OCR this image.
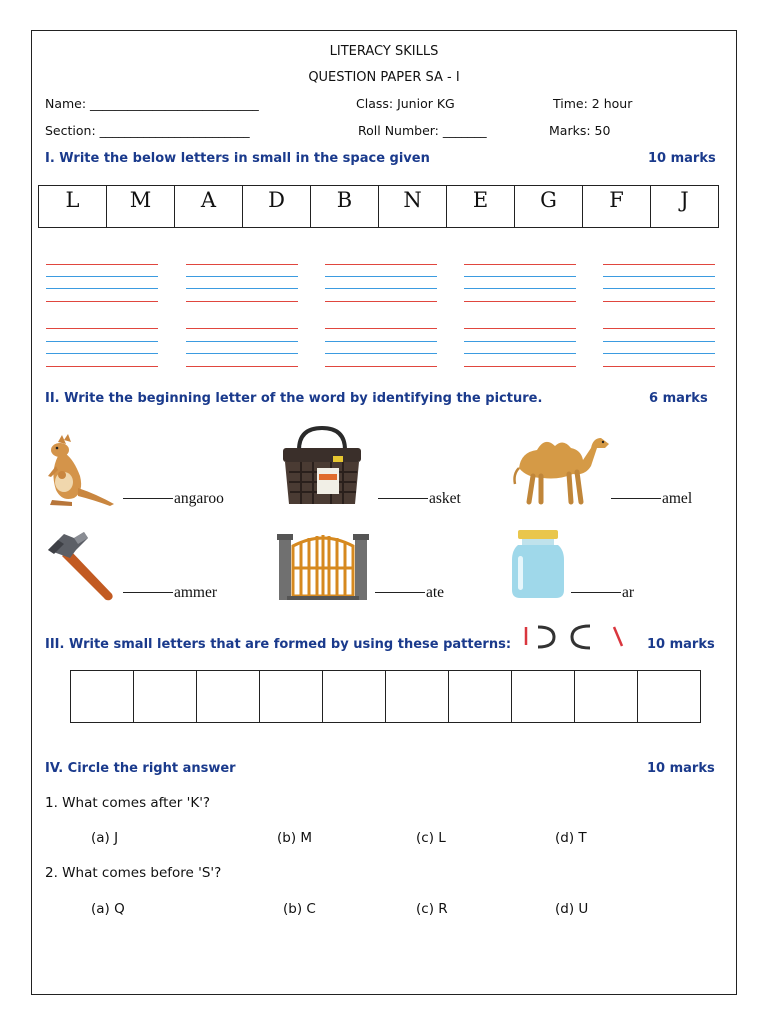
LITERACY SKILLS
QUESTION PAPER SA - I
Name: ___________________________	Class: Junior KG	Time: 2 hour
Section: ________________________	Roll Number: _______	Marks: 50
I. Write the below letters in small in the space given	10 marks
L	M	A	D	B	N	E	G	F	J
II. Write the beginning letter of the word by identifying the picture.	6 marks
angaroo	asket	amel
ammer	ate	ar
III. Write small letters that are formed by using these patterns:	10 marks

IV. Circle the right answer	10 marks
1. What comes after 'K'?
(a) J	(b) M	(c) L	(d) T
2. What comes before 'S'?
(a) Q	(b) C	(c) R	(d) U
